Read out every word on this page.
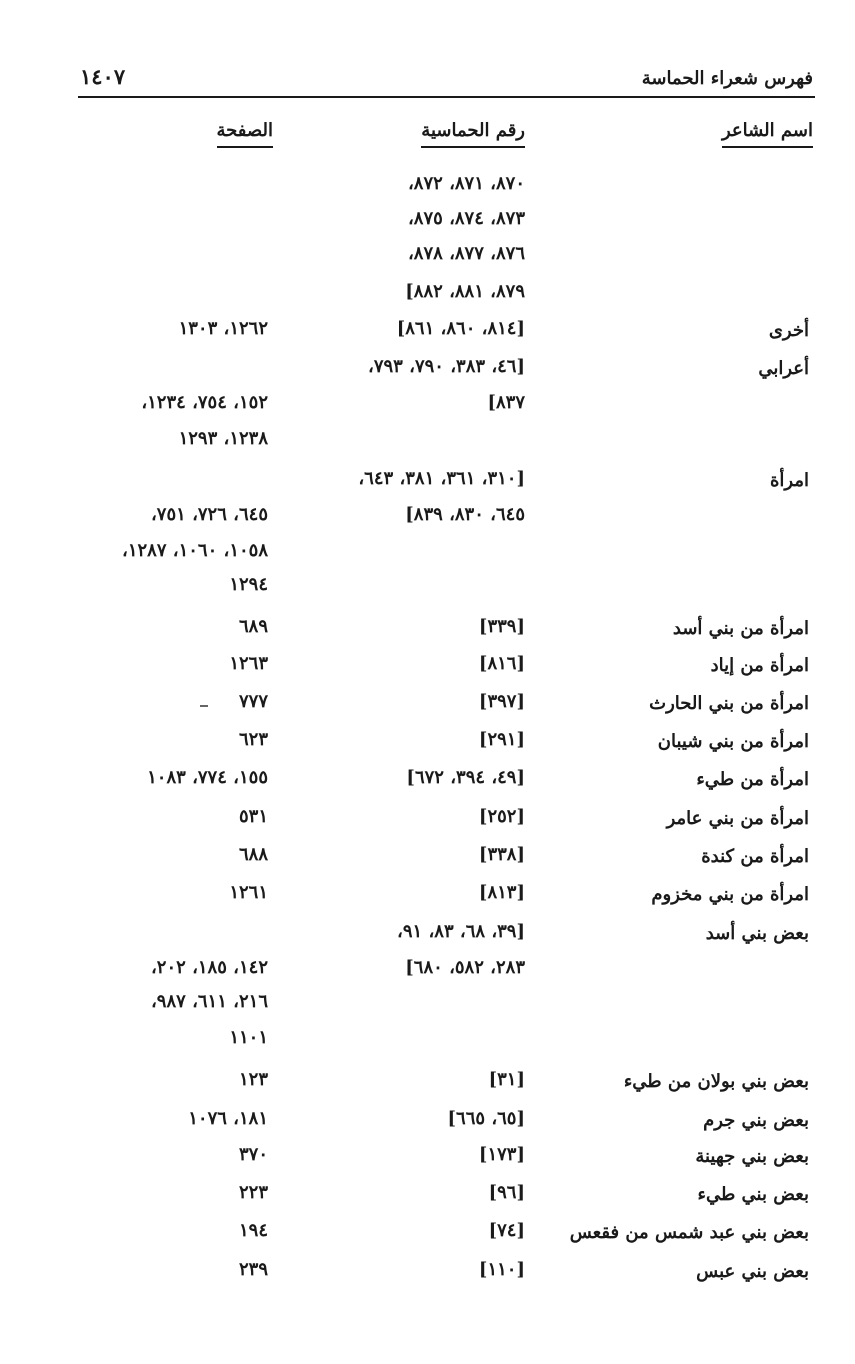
١٤٠٧	فهرس شعراء الحماسة
اسم الشاعر
رقم الحماسية
الصفحة
٨٧٠، ٨٧١، ٨٧٢،
٨٧٣، ٨٧٤، ٨٧٥،
٨٧٦، ٨٧٧، ٨٧٨،
٨٧٩، ٨٨١، ٨٨٢]
أخرى
[٨١٤، ٨٦٠، ٨٦١]
١٢٦٢، ١٣٠٣
أعرابي
[٤٦، ٣٨٣، ٧٩٠، ٧٩٣،
٨٣٧]
١٥٢، ٧٥٤، ١٢٣٤،
١٢٣٨، ١٢٩٣
امرأة
[٣١٠، ٣٦١، ٣٨١، ٦٤٣،
٦٤٥، ٨٣٠، ٨٣٩]
٦٤٥، ٧٢٦، ٧٥١،
١٠٥٨، ١٠٦٠، ١٢٨٧،
١٢٩٤
امرأة من بني أسد
[٣٣٩]
٦٨٩
امرأة من إياد
[٨١٦]
١٢٦٣
امرأة من بني الحارث
[٣٩٧]
٧٧٧
امرأة من بني شيبان
[٢٩١]
٦٢٣
امرأة من طيء
[٤٩، ٣٩٤، ٦٧٢]
١٥٥، ٧٧٤، ١٠٨٣
امرأة من بني عامر
[٢٥٢]
٥٣١
امرأة من كندة
[٣٣٨]
٦٨٨
امرأة من بني مخزوم
[٨١٣]
١٢٦١
بعض بني أسد
[٣٩، ٦٨، ٨٣، ٩١،
٢٨٣، ٥٨٢، ٦٨٠]
١٤٢، ١٨٥، ٢٠٢،
٢١٦، ٦١١، ٩٨٧،
١١٠١
بعض بني بولان من طيء
[٣١]
١٢٣
بعض بني جرم
[٦٥، ٦٦٥]
١٨١، ١٠٧٦
بعض بني جهينة
[١٧٣]
٣٧٠
بعض بني طيء
[٩٦]
٢٢٣
بعض بني عبد شمس من فقعس
[٧٤]
١٩٤
بعض بني عبس
[١١٠]
٢٣٩
